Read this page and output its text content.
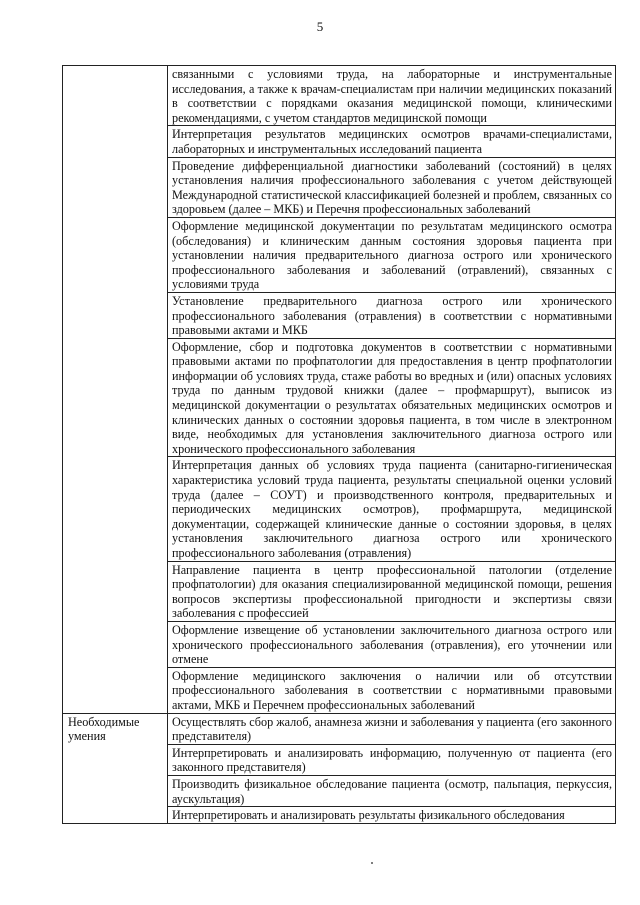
5
	связанными с условиями труда, на лабораторные и инструментальные исследования, а также к врачам-специалистам при наличии медицинских показаний в соответствии с порядками оказания медицинской помощи, клиническими рекомендациями, с учетом стандартов медицинской помощи
	Интерпретация результатов медицинских осмотров врачами-специалистами, лабораторных и инструментальных исследований пациента
	Проведение дифференциальной диагностики заболеваний (состояний) в целях установления наличия профессионального заболевания с учетом действующей Международной статистической классификацией болезней и проблем, связанных со здоровьем (далее – МКБ) и Перечня профессиональных заболеваний
	Оформление медицинской документации по результатам медицинского осмотра (обследования) и клиническим данным состояния здоровья пациента при установлении наличия предварительного диагноза острого или хронического профессионального заболевания и заболеваний (отравлений), связанных с условиями труда
	Установление предварительного диагноза острого или хронического профессионального заболевания (отравления) в соответствии с нормативными правовыми актами и МКБ
	Оформление, сбор и подготовка документов в соответствии с нормативными правовыми актами по профпатологии для предоставления в центр профпатологии информации об условиях труда, стаже работы во вредных и (или) опасных условиях труда по данным трудовой книжки (далее – профмаршрут), выписок из медицинской документации о результатах обязательных медицинских осмотров и клинических данных о состоянии здоровья пациента, в том числе в электронном виде, необходимых для установления заключительного диагноза острого или хронического профессионального заболевания
	Интерпретация данных об условиях труда пациента (санитарно-гигиеническая характеристика условий труда пациента, результаты специальной оценки условий труда (далее – СОУТ) и производственного контроля, предварительных и периодических медицинских осмотров), профмаршрута, медицинской документации, содержащей клинические данные о состоянии здоровья, в целях установления заключительного диагноза острого или хронического профессионального заболевания (отравления)
	Направление пациента в центр профессиональной патологии (отделение профпатологии) для оказания специализированной медицинской помощи, решения вопросов экспертизы профессиональной пригодности и экспертизы связи заболевания с профессией
	Оформление извещение об установлении заключительного диагноза острого или хронического профессионального заболевания (отравления), его уточнении или отмене
	Оформление медицинского заключения о наличии или об отсутствии профессионального заболевания в соответствии с нормативными правовыми актами, МКБ и Перечнем профессиональных заболеваний
Необходимые умения	Осуществлять сбор жалоб, анамнеза жизни и заболевания у пациента (его законного представителя)
	Интерпретировать и анализировать информацию, полученную от пациента (его законного представителя)
	Производить физикальное обследование пациента (осмотр, пальпация, перкуссия, аускультация)
	Интерпретировать и анализировать результаты физикального обследования
